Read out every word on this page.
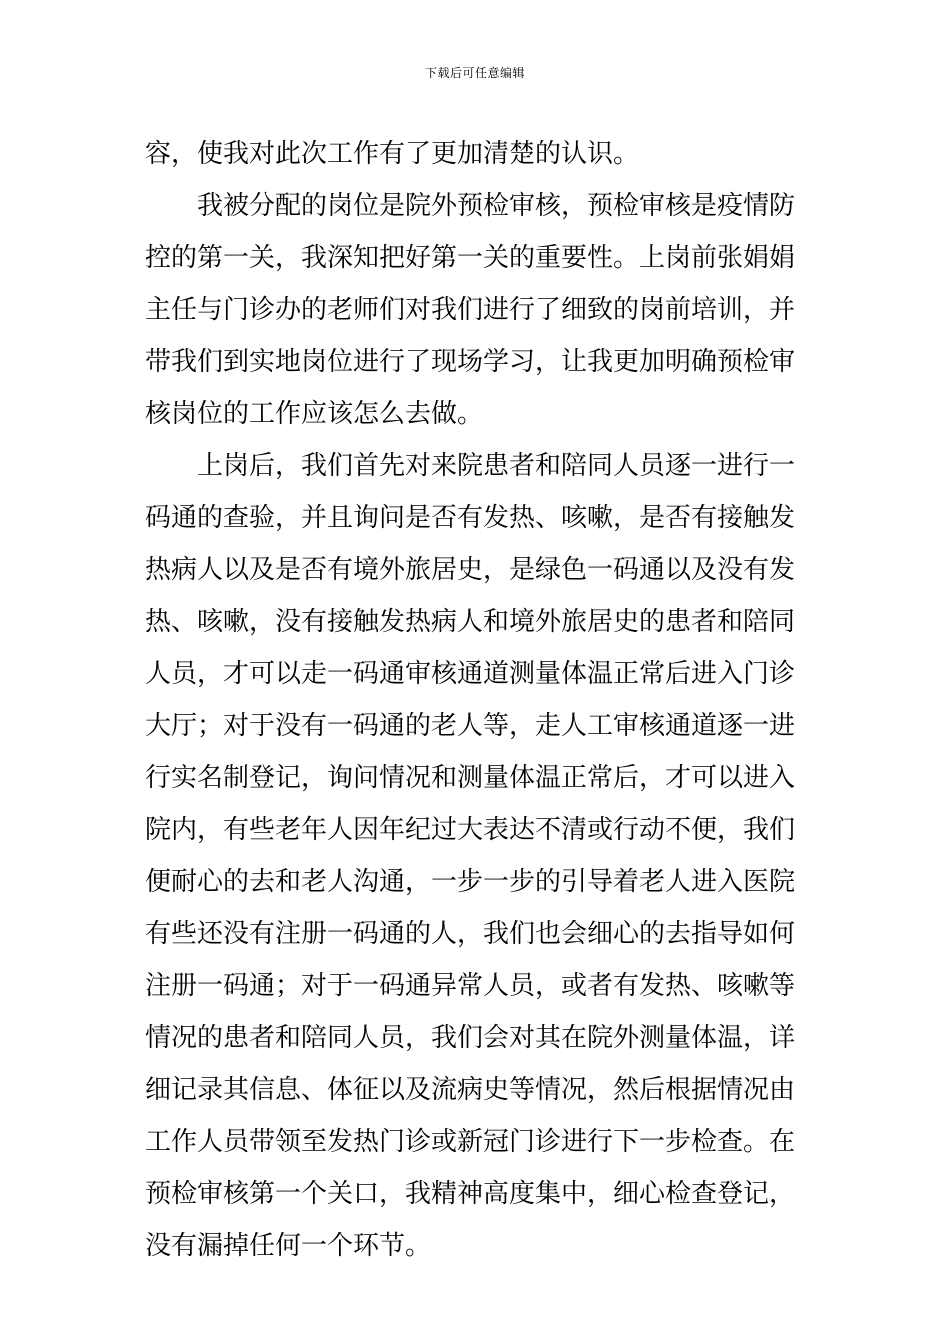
下载后可任意编辑
容，使我对此次工作有了更加清楚的认识。
　　我被分配的岗位是院外预检审核，预检审核是疫情防
控的第一关，我深知把好第一关的重要性。上岗前张娟娟
主任与门诊办的老师们对我们进行了细致的岗前培训，并
带我们到实地岗位进行了现场学习，让我更加明确预检审
核岗位的工作应该怎么去做。
　　上岗后，我们首先对来院患者和陪同人员逐一进行一
码通的查验，并且询问是否有发热、咳嗽，是否有接触发
热病人以及是否有境外旅居史，是绿色一码通以及没有发
热、咳嗽，没有接触发热病人和境外旅居史的患者和陪同
人员，才可以走一码通审核通道测量体温正常后进入门诊
大厅；对于没有一码通的老人等，走人工审核通道逐一进
行实名制登记，询问情况和测量体温正常后，才可以进入
院内，有些老年人因年纪过大表达不清或行动不便，我们
便耐心的去和老人沟通，一步一步的引导着老人进入医院
有些还没有注册一码通的人，我们也会细心的去指导如何
注册一码通；对于一码通异常人员，或者有发热、咳嗽等
情况的患者和陪同人员，我们会对其在院外测量体温，详
细记录其信息、体征以及流病史等情况，然后根据情况由
工作人员带领至发热门诊或新冠门诊进行下一步检查。在
预检审核第一个关口，我精神高度集中，细心检查登记，
没有漏掉任何一个环节。
